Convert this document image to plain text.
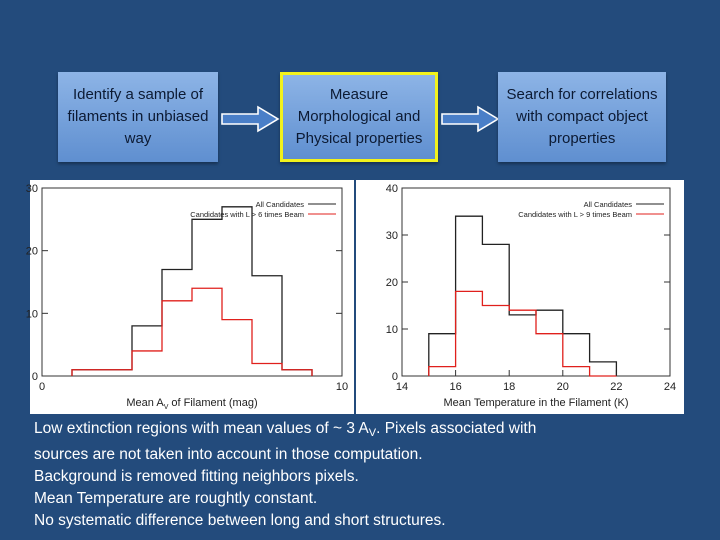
Identify a sample of filaments in unbiased way
Measure Morphological and Physical properties
Search for correlations with compact object properties
0
10
20
30
0	10
All Candidates
Candidates with L > 6 times Beam
Mean $A_V$ of Filament (mag)
0
10
20
30
40
14	16	18	20	22	24
All Candidates
Candidates with L > 9 times Beam
Mean Temperature in the Filament (K)
Low extinction regions with mean values of ~ 3 $A_V$. Pixels associated with
sources are not taken into account in those computation.
Background is removed fitting neighbors pixels.
Mean Temperature are roughtly constant.
No systematic difference between long and short structures.
